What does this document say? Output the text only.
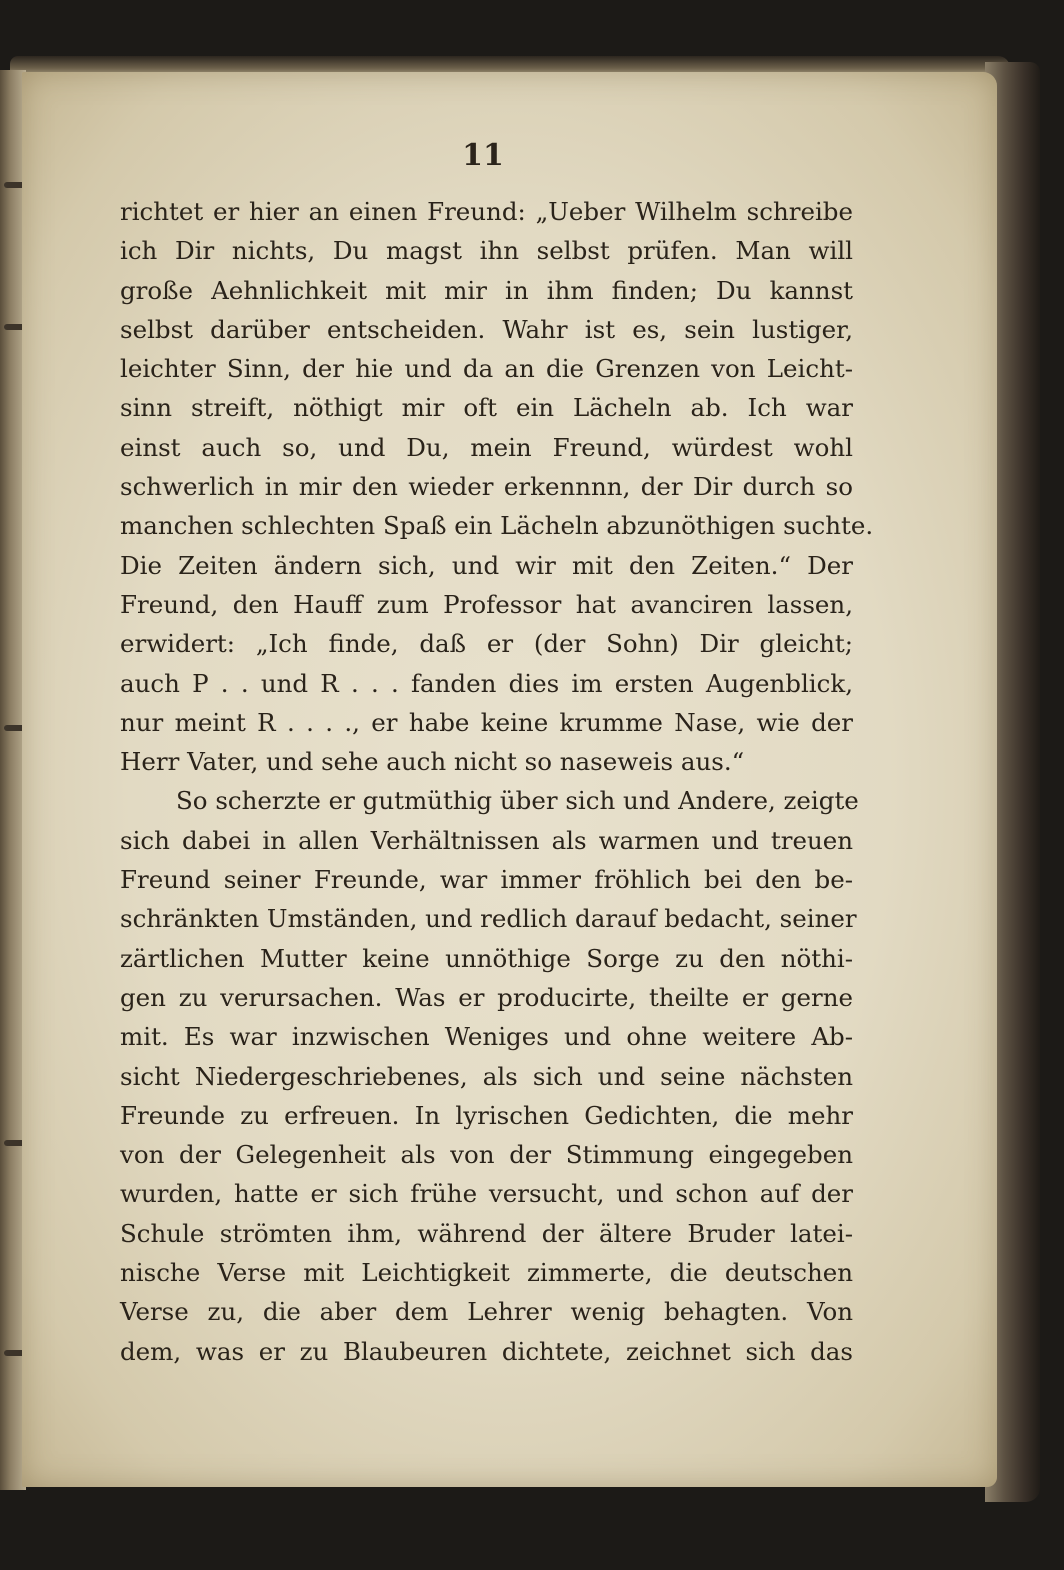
11
richtet er hier an einen Freund: „Ueber Wilhelm schreibe
ich Dir nichts, Du magst ihn selbst prüfen. Man will
große Aehnlichkeit mit mir in ihm finden; Du kannst
selbst darüber entscheiden. Wahr ist es, sein lustiger,
leichter Sinn, der hie und da an die Grenzen von Leicht-
sinn streift, nöthigt mir oft ein Lächeln ab. Ich war
einst auch so, und Du, mein Freund, würdest wohl
schwerlich in mir den wieder erkennnn, der Dir durch so
manchen schlechten Spaß ein Lächeln abzunöthigen suchte.
Die Zeiten ändern sich, und wir mit den Zeiten.“ Der
Freund, den Hauff zum Professor hat avanciren lassen,
erwidert: „Ich finde, daß er (der Sohn) Dir gleicht;
auch P . . und R . . . fanden dies im ersten Augenblick,
nur meint R . . . ., er habe keine krumme Nase, wie der
Herr Vater, und sehe auch nicht so naseweis aus.“
So scherzte er gutmüthig über sich und Andere, zeigte
sich dabei in allen Verhältnissen als warmen und treuen
Freund seiner Freunde, war immer fröhlich bei den be-
schränkten Umständen, und redlich darauf bedacht, seiner
zärtlichen Mutter keine unnöthige Sorge zu den nöthi-
gen zu verursachen. Was er producirte, theilte er gerne
mit. Es war inzwischen Weniges und ohne weitere Ab-
sicht Niedergeschriebenes, als sich und seine nächsten
Freunde zu erfreuen. In lyrischen Gedichten, die mehr
von der Gelegenheit als von der Stimmung eingegeben
wurden, hatte er sich frühe versucht, und schon auf der
Schule strömten ihm, während der ältere Bruder latei-
nische Verse mit Leichtigkeit zimmerte, die deutschen
Verse zu, die aber dem Lehrer wenig behagten. Von
dem, was er zu Blaubeuren dichtete, zeichnet sich das
